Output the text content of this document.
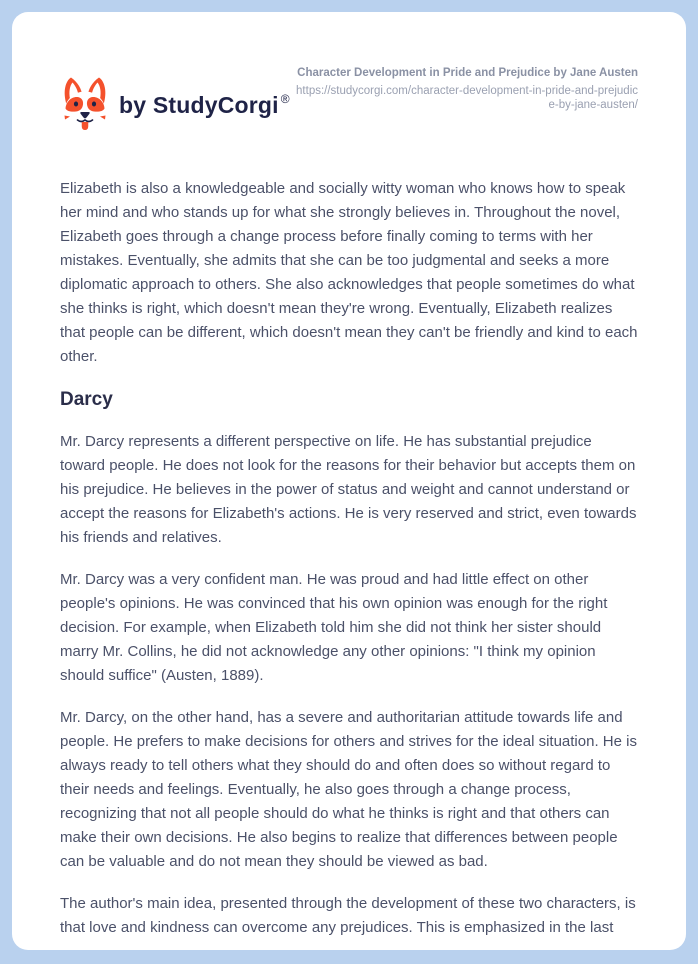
by StudyCorgi ®
Character Development in Pride and Prejudice by Jane Austen
https://studycorgi.com/character-development-in-pride-and-prejudice-by-jane-austen/

Elizabeth is also a knowledgeable and socially witty woman who knows how to speak her mind and who stands up for what she strongly believes in. Throughout the novel, Elizabeth goes through a change process before finally coming to terms with her mistakes. Eventually, she admits that she can be too judgmental and seeks a more diplomatic approach to others. She also acknowledges that people sometimes do what she thinks is right, which doesn't mean they're wrong. Eventually, Elizabeth realizes that people can be different, which doesn't mean they can't be friendly and kind to each other.

Darcy

Mr. Darcy represents a different perspective on life. He has substantial prejudice toward people. He does not look for the reasons for their behavior but accepts them on his prejudice. He believes in the power of status and weight and cannot understand or accept the reasons for Elizabeth's actions. He is very reserved and strict, even towards his friends and relatives.

Mr. Darcy was a very confident man. He was proud and had little effect on other people's opinions. He was convinced that his own opinion was enough for the right decision. For example, when Elizabeth told him she did not think her sister should marry Mr. Collins, he did not acknowledge any other opinions: "I think my opinion should suffice" (Austen, 1889).

Mr. Darcy, on the other hand, has a severe and authoritarian attitude towards life and people. He prefers to make decisions for others and strives for the ideal situation. He is always ready to tell others what they should do and often does so without regard to their needs and feelings. Eventually, he also goes through a change process, recognizing that not all people should do what he thinks is right and that others can make their own decisions. He also begins to realize that differences between people can be valuable and do not mean they should be viewed as bad.

The author's main idea, presented through the development of these two characters, is that love and kindness can overcome any prejudices. This is emphasized in the last
